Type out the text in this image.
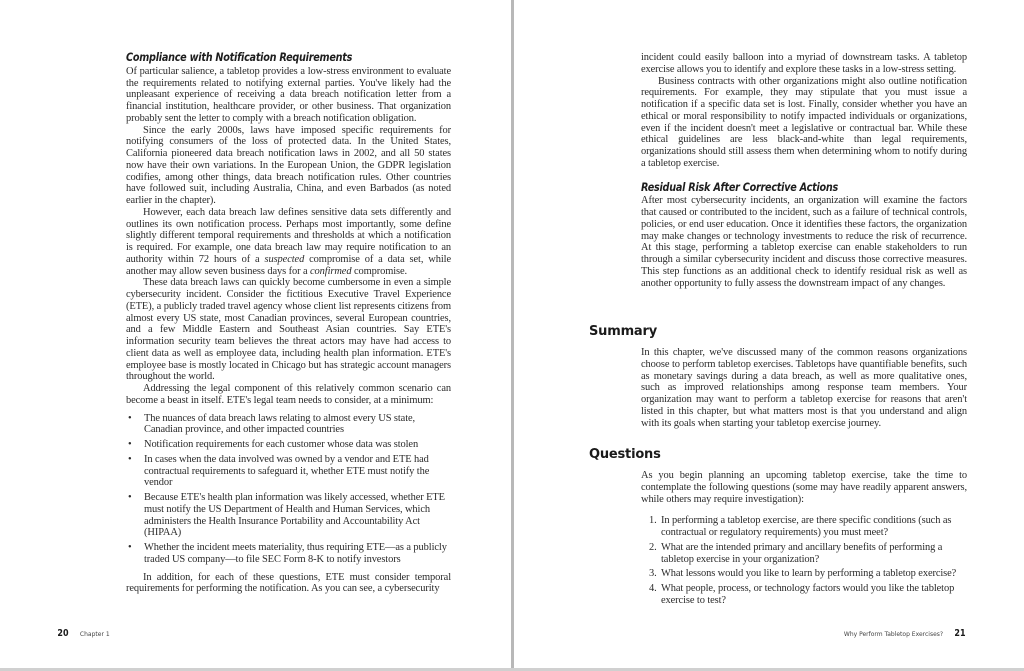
Compliance with Notification Requirements

Of particular salience, a tabletop provides a low-stress environment to evaluate the requirements related to notifying external parties. You've likely had the unpleasant experience of receiving a data breach notification letter from a financial institution, healthcare provider, or other business. That organization probably sent the letter to comply with a breach notification obligation.

Since the early 2000s, laws have imposed specific requirements for notifying consumers of the loss of protected data. In the United States, California pioneered data breach notification laws in 2002, and all 50 states now have their own variations. In the European Union, the GDPR legislation codifies, among other things, data breach notification rules. Other countries have followed suit, including Australia, China, and even Barbados (as noted earlier in the chapter).

However, each data breach law defines sensitive data sets differently and outlines its own notification process. Perhaps most importantly, some define slightly different temporal requirements and thresholds at which a notification is required. For example, one data breach law may require notification to an authority within 72 hours of a suspected compromise of a data set, while another may allow seven business days for a confirmed compromise.

These data breach laws can quickly become cumbersome in even a simple cybersecurity incident. Consider the fictitious Executive Travel Experience (ETE), a publicly traded travel agency whose client list represents citizens from almost every US state, most Canadian provinces, several European countries, and a few Middle Eastern and Southeast Asian countries. Say ETE's information security team believes the threat actors may have had access to client data as well as employee data, including health plan information. ETE's employee base is mostly located in Chicago but has strategic account managers throughout the world.

Addressing the legal component of this relatively common scenario can become a beast in itself. ETE's legal team needs to consider, at a minimum:

• The nuances of data breach laws relating to almost every US state, Canadian province, and other impacted countries
• Notification requirements for each customer whose data was stolen
• In cases when the data involved was owned by a vendor and ETE had contractual requirements to safeguard it, whether ETE must notify the vendor
• Because ETE's health plan information was likely accessed, whether ETE must notify the US Department of Health and Human Services, which administers the Health Insurance Portability and Accountability Act (HIPAA)
• Whether the incident meets materiality, thus requiring ETE—as a publicly traded US company—to file SEC Form 8-K to notify investors

In addition, for each of these questions, ETE must consider temporal requirements for performing the notification. As you can see, a cybersecurity

20 Chapter 1

incident could easily balloon into a myriad of downstream tasks. A tabletop exercise allows you to identify and explore these tasks in a low-stress setting.

Business contracts with other organizations might also outline notification requirements. For example, they may stipulate that you must issue a notification if a specific data set is lost. Finally, consider whether you have an ethical or moral responsibility to notify impacted individuals or organizations, even if the incident doesn't meet a legislative or contractual bar. While these ethical guidelines are less black-and-white than legal requirements, organizations should still assess them when determining whom to notify during a tabletop exercise.

Residual Risk After Corrective Actions

After most cybersecurity incidents, an organization will examine the factors that caused or contributed to the incident, such as a failure of technical controls, policies, or end user education. Once it identifies these factors, the organization may make changes or technology investments to reduce the risk of recurrence. At this stage, performing a tabletop exercise can enable stakeholders to run through a similar cybersecurity incident and discuss those corrective measures. This step functions as an additional check to identify residual risk as well as another opportunity to fully assess the downstream impact of any changes.

Summary

In this chapter, we've discussed many of the common reasons organizations choose to perform tabletop exercises. Tabletops have quantifiable benefits, such as monetary savings during a data breach, as well as more qualitative ones, such as improved relationships among response team members. Your organization may want to perform a tabletop exercise for reasons that aren't listed in this chapter, but what matters most is that you understand and align with its goals when starting your tabletop exercise journey.

Questions

As you begin planning an upcoming tabletop exercise, take the time to contemplate the following questions (some may have readily apparent answers, while others may require investigation):

1. In performing a tabletop exercise, are there specific conditions (such as contractual or regulatory requirements) you must meet?
2. What are the intended primary and ancillary benefits of performing a tabletop exercise in your organization?
3. What lessons would you like to learn by performing a tabletop exercise?
4. What people, process, or technology factors would you like the tabletop exercise to test?
Why Perform Tabletop Exercises? 21
